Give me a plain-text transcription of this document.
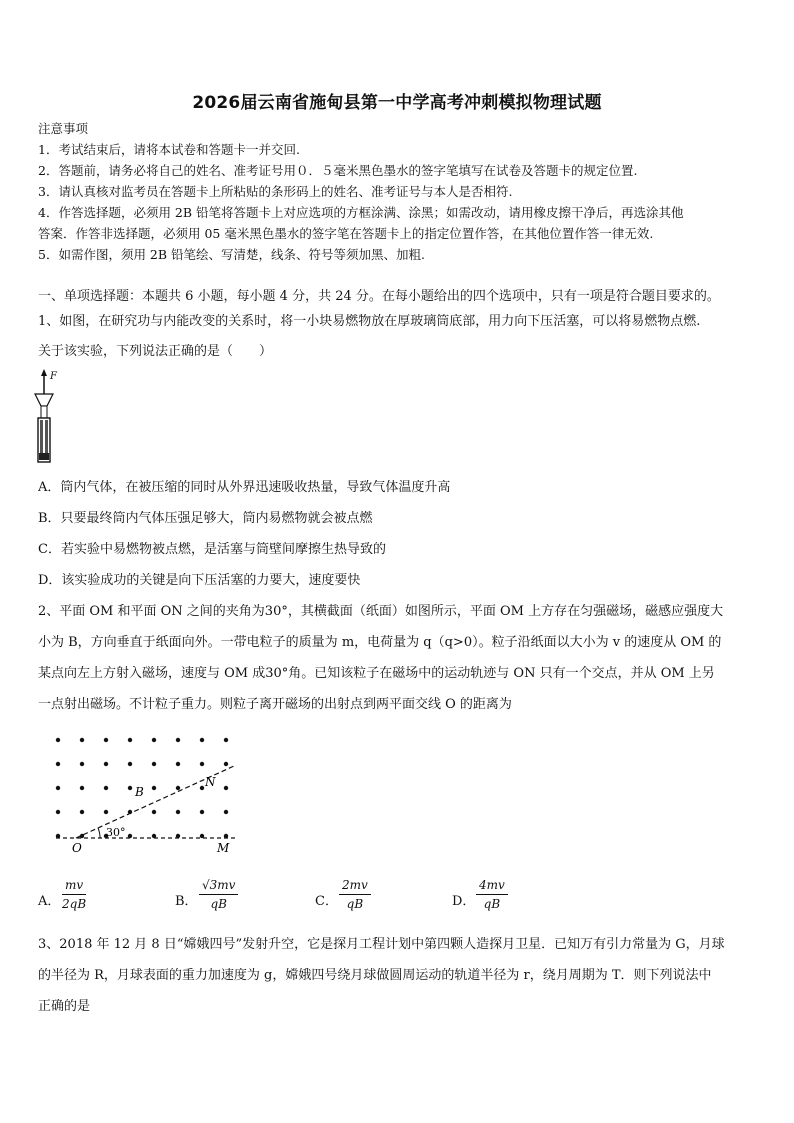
2026届云南省施甸县第一中学高考冲刺模拟物理试题
注意事项
1．考试结束后，请将本试卷和答题卡一并交回.
2．答题前，请务必将自己的姓名、准考证号用０．５毫米黑色墨水的签字笔填写在试卷及答题卡的规定位置.
3．请认真核对监考员在答题卡上所粘贴的条形码上的姓名、准考证号与本人是否相符.
4．作答选择题，必须用 2B 铅笔将答题卡上对应选项的方框涂满、涂黑；如需改动，请用橡皮擦干净后，再选涂其他
答案．作答非选择题，必须用 05 毫米黑色墨水的签字笔在答题卡上的指定位置作答，在其他位置作答一律无效.
5．如需作图，须用 2B 铅笔绘、写清楚，线条、符号等须加黑、加粗.
一、单项选择题：本题共 6 小题，每小题 4 分，共 24 分。在每小题给出的四个选项中，只有一项是符合题目要求的。
1、如图，在研究功与内能改变的关系时，将一小块易燃物放在厚玻璃筒底部，用力向下压活塞，可以将易燃物点燃.
关于该实验，下列说法正确的是（　　）
F
A．筒内气体，在被压缩的同时从外界迅速吸收热量，导致气体温度升高
B．只要最终筒内气体压强足够大，筒内易燃物就会被点燃
C．若实验中易燃物被点燃，是活塞与筒壁间摩擦生热导致的
D．该实验成功的关键是向下压活塞的力要大，速度要快
2、平面 OM 和平面 ON 之间的夹角为30°，其横截面（纸面）如图所示，平面 OM 上方存在匀强磁场，磁感应强度大
小为 B，方向垂直于纸面向外。一带电粒子的质量为 m，电荷量为 q（q>0）。粒子沿纸面以大小为 v 的速度从 OM 的
某点向左上方射入磁场，速度与 OM 成30°角。已知该粒子在磁场中的运动轨迹与 ON 只有一个交点，并从 OM 上另
一点射出磁场。不计粒子重力。则粒子离开磁场的出射点到两平面交线 O 的距离为
N
B
O	M
30°
A． $\frac{mv}{2qB}$	B． $\frac{√3mv}{qB}$	C． $\frac{2mv}{qB}$	D． $\frac{4mv}{qB}$
3、2018 年 12 月 8 日“嫦娥四号”发射升空，它是探月工程计划中第四颗人造探月卫星．已知万有引力常量为 G，月球
的半径为 R，月球表面的重力加速度为 g，嫦娥四号绕月球做圆周运动的轨道半径为 r，绕月周期为 T．则下列说法中
正确的是
